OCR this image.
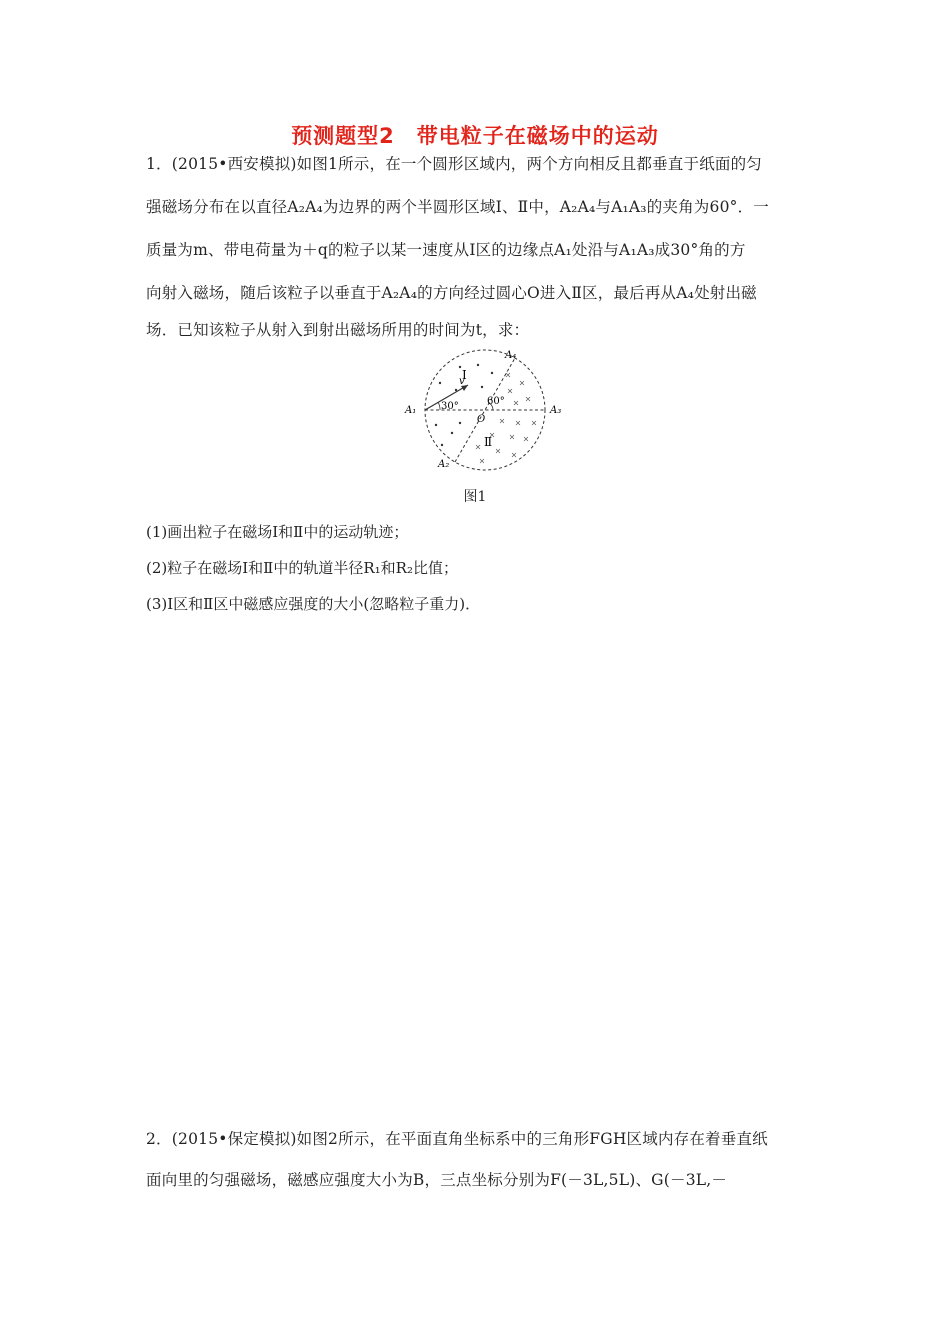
预测题型2　带电粒子在磁场中的运动
1．(2015•西安模拟)如图1所示，在一个圆形区域内，两个方向相反且都垂直于纸面的匀
强磁场分布在以直径A₂A₄为边界的两个半圆形区域Ⅰ、Ⅱ中，A₂A₄与A₁A₃的夹角为60°．一
质量为m、带电荷量为＋q的粒子以某一速度从Ⅰ区的边缘点A₁处沿与A₁A₃成30°角的方
向射入磁场，随后该粒子以垂直于A₂A₄的方向经过圆心O进入Ⅱ区，最后再从A₄处射出磁
场．已知该粒子从射入到射出磁场所用的时间为t，求：
A₁	A₃
A₄
A₂
O
v
Ⅰ
Ⅱ
30°	60°
图1
(1)画出粒子在磁场Ⅰ和Ⅱ中的运动轨迹；
(2)粒子在磁场Ⅰ和Ⅱ中的轨道半径R₁和R₂比值；
(3)Ⅰ区和Ⅱ区中磁感应强度的大小(忽略粒子重力)．
2．(2015•保定模拟)如图2所示，在平面直角坐标系中的三角形FGH区域内存在着垂直纸
面向里的匀强磁场，磁感应强度大小为B，三点坐标分别为F(－3L,5L)、G(－3L,－
